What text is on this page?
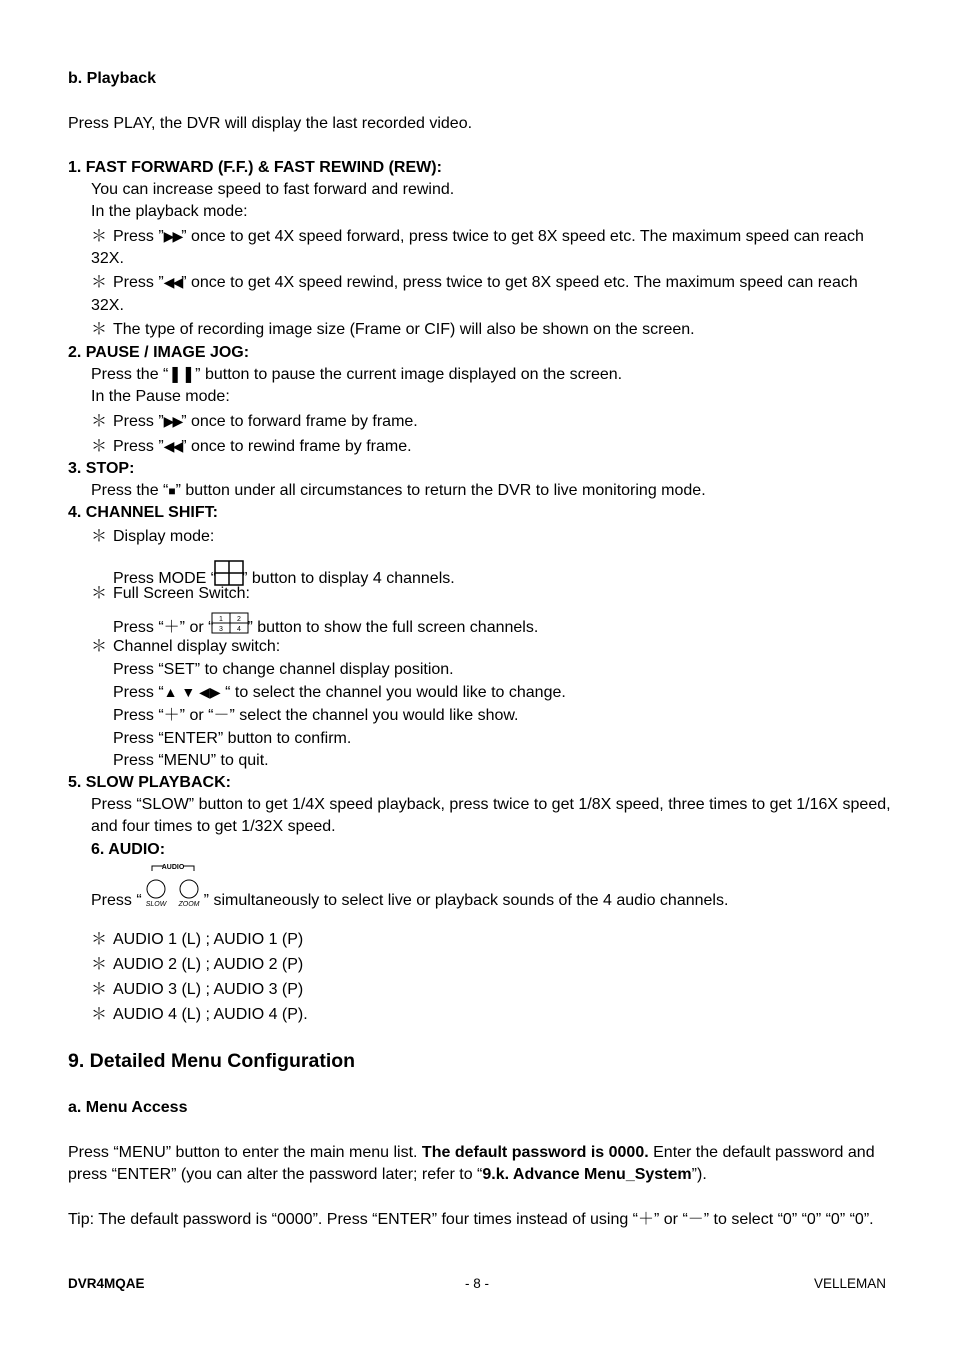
b. Playback
Press PLAY, the DVR will display the last recorded video.
1. FAST FORWARD (F.F.) & FAST REWIND (REW):
You can increase speed to fast forward and rewind.
In the playback mode:
＊ Press ”▶▶” once to get 4X speed forward, press twice to get 8X speed etc. The maximum speed can reach
32X.
＊ Press ”◀◀” once to get 4X speed rewind, press twice to get 8X speed etc. The maximum speed can reach
32X.
＊ The type of recording image size (Frame or CIF) will also be shown on the screen.
2. PAUSE / IMAGE JOG:
Press the “❚❚” button to pause the current image displayed on the screen.
In the Pause mode:
＊ Press ”▶▶” once to forward frame by frame.
＊ Press ”◀◀” once to rewind frame by frame.
3. STOP:
Press the “■” button under all circumstances to return the DVR to live monitoring mode.
4. CHANNEL SHIFT:
＊ Display mode:
Press MODE “ ” button to display 4 channels.
＊ Full Screen Switch:
Press “＋” or “ 1 2
3 4 ” button to show the full screen channels.
＊ Channel display switch:
Press “SET” to change channel display position.
Press “▲ ▼ ◀▶ “ to select the channel you would like to change.
Press “＋” or “－” select the channel you would like show.
Press “ENTER” button to confirm.
Press “MENU” to quit.
5. SLOW PLAYBACK:
Press “SLOW” button to get 1/4X speed playback, press twice to get 1/8X speed, three times to get 1/16X speed,
and four times to get 1/32X speed.
6. AUDIO:
Press “
AUDIO
SLOW ZOOM ” simultaneously to select live or playback sounds of the 4 audio channels.
＊ AUDIO 1 (L) ; AUDIO 1 (P)
＊ AUDIO 2 (L) ; AUDIO 2 (P)
＊ AUDIO 3 (L) ; AUDIO 3 (P)
＊ AUDIO 4 (L) ; AUDIO 4 (P).
9. Detailed Menu Configuration
a. Menu Access
Press “MENU” button to enter the main menu list. The default password is 0000. Enter the default password and
press “ENTER” (you can alter the password later; refer to “9.k. Advance Menu_System”).
Tip: The default password is “0000”. Press “ENTER” four times instead of using “＋” or “－” to select “0” “0” “0” “0”.
DVR4MQAE	- 8 -	VELLEMAN
